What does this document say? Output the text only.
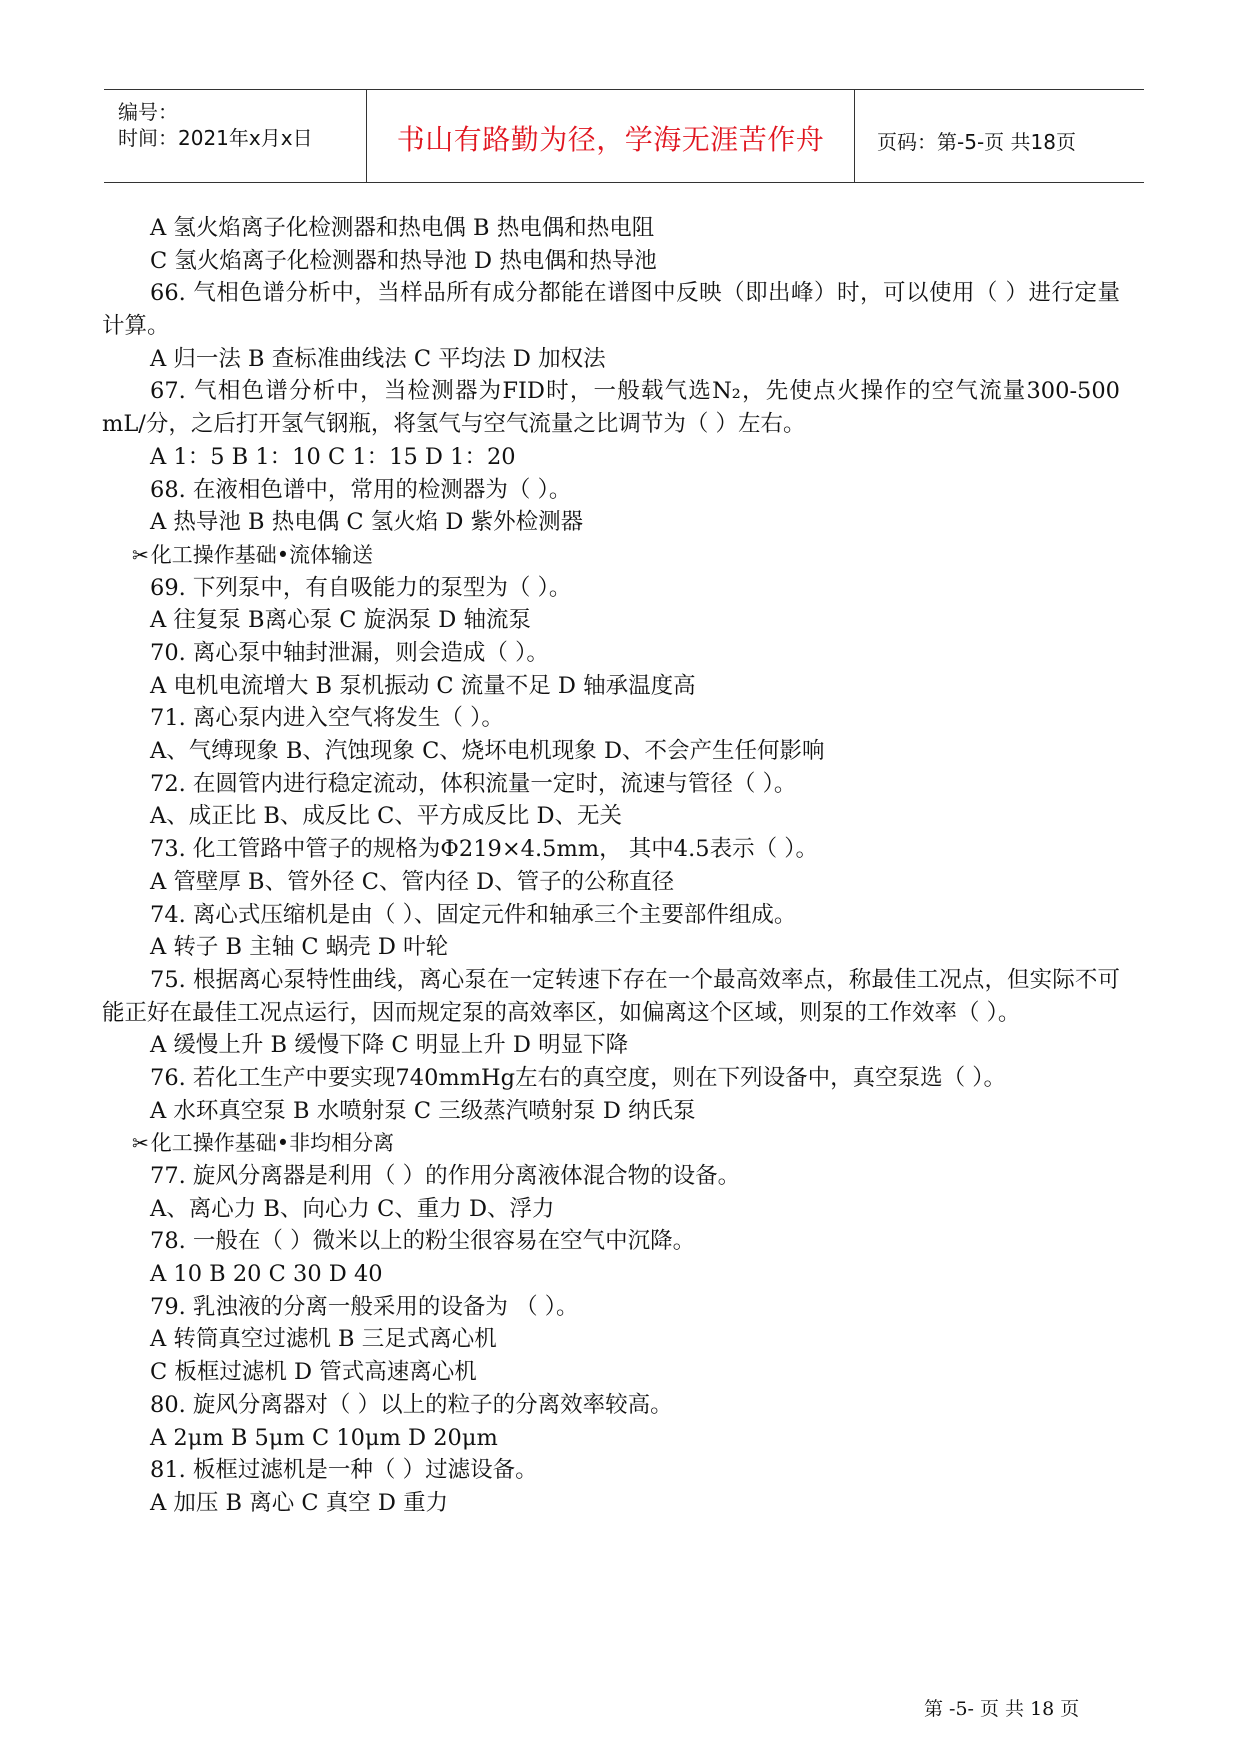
编号：
时间：2021年x月x日	书山有路勤为径，学海无涯苦作舟	页码：第-5-页 共18页
A 氢火焰离子化检测器和热电偶 B 热电偶和热电阻
C 氢火焰离子化检测器和热导池 D 热电偶和热导池
66. 气相色谱分析中，当样品所有成分都能在谱图中反映（即出峰）时，可以使用（ ）进行定量计算。
A 归一法 B 查标准曲线法 C 平均法 D 加权法
67. 气相色谱分析中，当检测器为FID时，一般载气选N₂，先使点火操作的空气流量300-500 mL/分，之后打开氢气钢瓶，将氢气与空气流量之比调节为（ ）左右。
A 1：5 B 1：10 C 1：15 D 1：20
68. 在液相色谱中，常用的检测器为（ ）。
A 热导池 B 热电偶 C 氢火焰 D 紫外检测器
✂化工操作基础•流体输送
69. 下列泵中，有自吸能力的泵型为（ ）。
A 往复泵 B离心泵 C 旋涡泵 D 轴流泵
70. 离心泵中轴封泄漏，则会造成（ ）。
A 电机电流增大 B 泵机振动 C 流量不足 D 轴承温度高
71. 离心泵内进入空气将发生（ ）。
A、气缚现象 B、汽蚀现象 C、烧坏电机现象 D、不会产生任何影响
72. 在圆管内进行稳定流动，体积流量一定时，流速与管径（ ）。
A、成正比 B、成反比 C、平方成反比 D、无关
73. 化工管路中管子的规格为Φ219×4.5mm， 其中4.5表示（ ）。
A 管壁厚 B、管外径 C、管内径 D、管子的公称直径
74. 离心式压缩机是由（ ）、固定元件和轴承三个主要部件组成。
A 转子 B 主轴 C 蜗壳 D 叶轮
75. 根据离心泵特性曲线，离心泵在一定转速下存在一个最高效率点，称最佳工况点，但实际不可能正好在最佳工况点运行，因而规定泵的高效率区，如偏离这个区域，则泵的工作效率（ ）。
A 缓慢上升 B 缓慢下降 C 明显上升 D 明显下降
76. 若化工生产中要实现740mmHg左右的真空度，则在下列设备中，真空泵选（ ）。
A 水环真空泵 B 水喷射泵 C 三级蒸汽喷射泵 D 纳氏泵
✂化工操作基础•非均相分离
77. 旋风分离器是利用（ ）的作用分离液体混合物的设备。
A、离心力 B、向心力 C、重力 D、浮力
78. 一般在（ ）微米以上的粉尘很容易在空气中沉降。
A 10 B 20 C 30 D 40
79. 乳浊液的分离一般采用的设备为 （ ）。
A 转筒真空过滤机 B 三足式离心机
C 板框过滤机 D 管式高速离心机
80. 旋风分离器对（ ）以上的粒子的分离效率较高。
A 2μm B 5μm C 10μm D 20μm
81. 板框过滤机是一种（ ）过滤设备。
A 加压 B 离心 C 真空 D 重力
第 -5- 页 共 18 页
